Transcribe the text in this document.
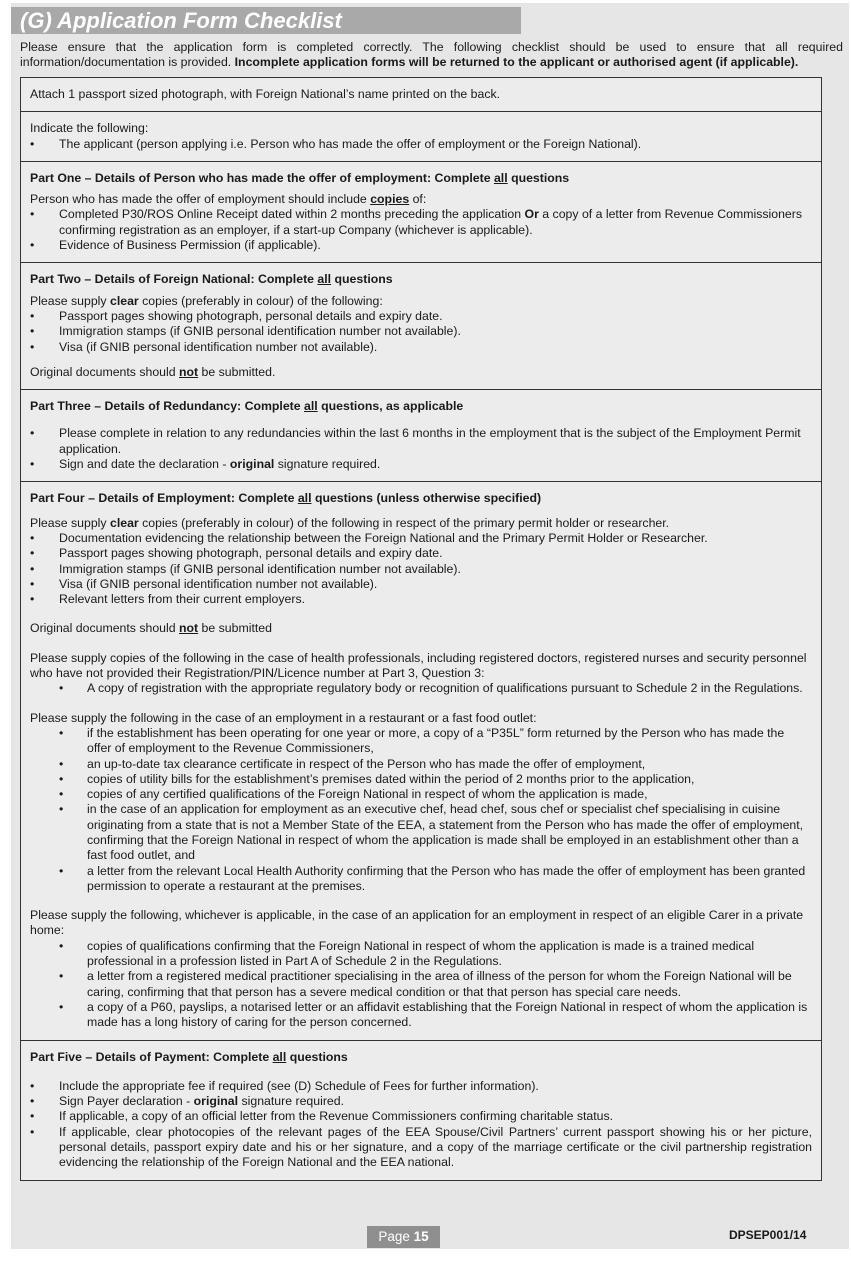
(G) Application Form Checklist
Please ensure that the application form is completed correctly. The following checklist should be used to ensure that all required information/documentation is provided. Incomplete application forms will be returned to the applicant or authorised agent (if applicable).

Attach 1 passport sized photograph, with Foreign National’s name printed on the back.

Indicate the following:

• The applicant (person applying i.e. Person who has made the offer of employment or the Foreign National).

Part One – Details of Person who has made the offer of employment: Complete all questions

Person who has made the offer of employment should include copies of:

• Completed P30/ROS Online Receipt dated within 2 months preceding the application Or a copy of a letter from Revenue Commissioners confirming registration as an employer, if a start-up Company (whichever is applicable).
• Evidence of Business Permission (if applicable).

Part Two – Details of Foreign National: Complete all questions

Please supply clear copies (preferably in colour) of the following:

• Passport pages showing photograph, personal details and expiry date.
• Immigration stamps (if GNIB personal identification number not available).
• Visa (if GNIB personal identification number not available).

Original documents should not be submitted.

Part Three – Details of Redundancy: Complete all questions, as applicable

• Please complete in relation to any redundancies within the last 6 months in the employment that is the subject of the Employment Permit application.
• Sign and date the declaration - original signature required.

Part Four – Details of Employment: Complete all questions (unless otherwise specified)

Please supply clear copies (preferably in colour) of the following in respect of the primary permit holder or researcher.

• Documentation evidencing the relationship between the Foreign National and the Primary Permit Holder or Researcher.
• Passport pages showing photograph, personal details and expiry date.
• Immigration stamps (if GNIB personal identification number not available).
• Visa (if GNIB personal identification number not available).
• Relevant letters from their current employers.

Original documents should not be submitted

Please supply copies of the following in the case of health professionals, including registered doctors, registered nurses and security personnel who have not provided their Registration/PIN/Licence number at Part 3, Question 3:

• A copy of registration with the appropriate regulatory body or recognition of qualifications pursuant to Schedule 2 in the Regulations.

Please supply the following in the case of an employment in a restaurant or a fast food outlet:

• if the establishment has been operating for one year or more, a copy of a “P35L” form returned by the Person who has made the offer of employment to the Revenue Commissioners,
• an up-to-date tax clearance certificate in respect of the Person who has made the offer of employment,
• copies of utility bills for the establishment’s premises dated within the period of 2 months prior to the application,
• copies of any certified qualifications of the Foreign National in respect of whom the application is made,
• in the case of an application for employment as an executive chef, head chef, sous chef or specialist chef specialising in cuisine originating from a state that is not a Member State of the EEA, a statement from the Person who has made the offer of employment, confirming that the Foreign National in respect of whom the application is made shall be employed in an establishment other than a fast food outlet, and
• a letter from the relevant Local Health Authority confirming that the Person who has made the offer of employment has been granted permission to operate a restaurant at the premises.

Please supply the following, whichever is applicable, in the case of an application for an employment in respect of an eligible Carer in a private home:

• copies of qualifications confirming that the Foreign National in respect of whom the application is made is a trained medical professional in a profession listed in Part A of Schedule 2 in the Regulations.
• a letter from a registered medical practitioner specialising in the area of illness of the person for whom the Foreign National will be caring, confirming that that person has a severe medical condition or that that person has special care needs.
• a copy of a P60, payslips, a notarised letter or an affidavit establishing that the Foreign National in respect of whom the application is made has a long history of caring for the person concerned.

Part Five – Details of Payment: Complete all questions

• Include the appropriate fee if required (see (D) Schedule of Fees for further information).
• Sign Payer declaration - original signature required.
• If applicable, a copy of an official letter from the Revenue Commissioners confirming charitable status.
• If applicable, clear photocopies of the relevant pages of the EEA Spouse/Civil Partners’ current passport showing his or her picture, personal details, passport expiry date and his or her signature, and a copy of the marriage certificate or the civil partnership registration evidencing the relationship of the Foreign National and the EEA national.
Page 15	DPSEP001/14
